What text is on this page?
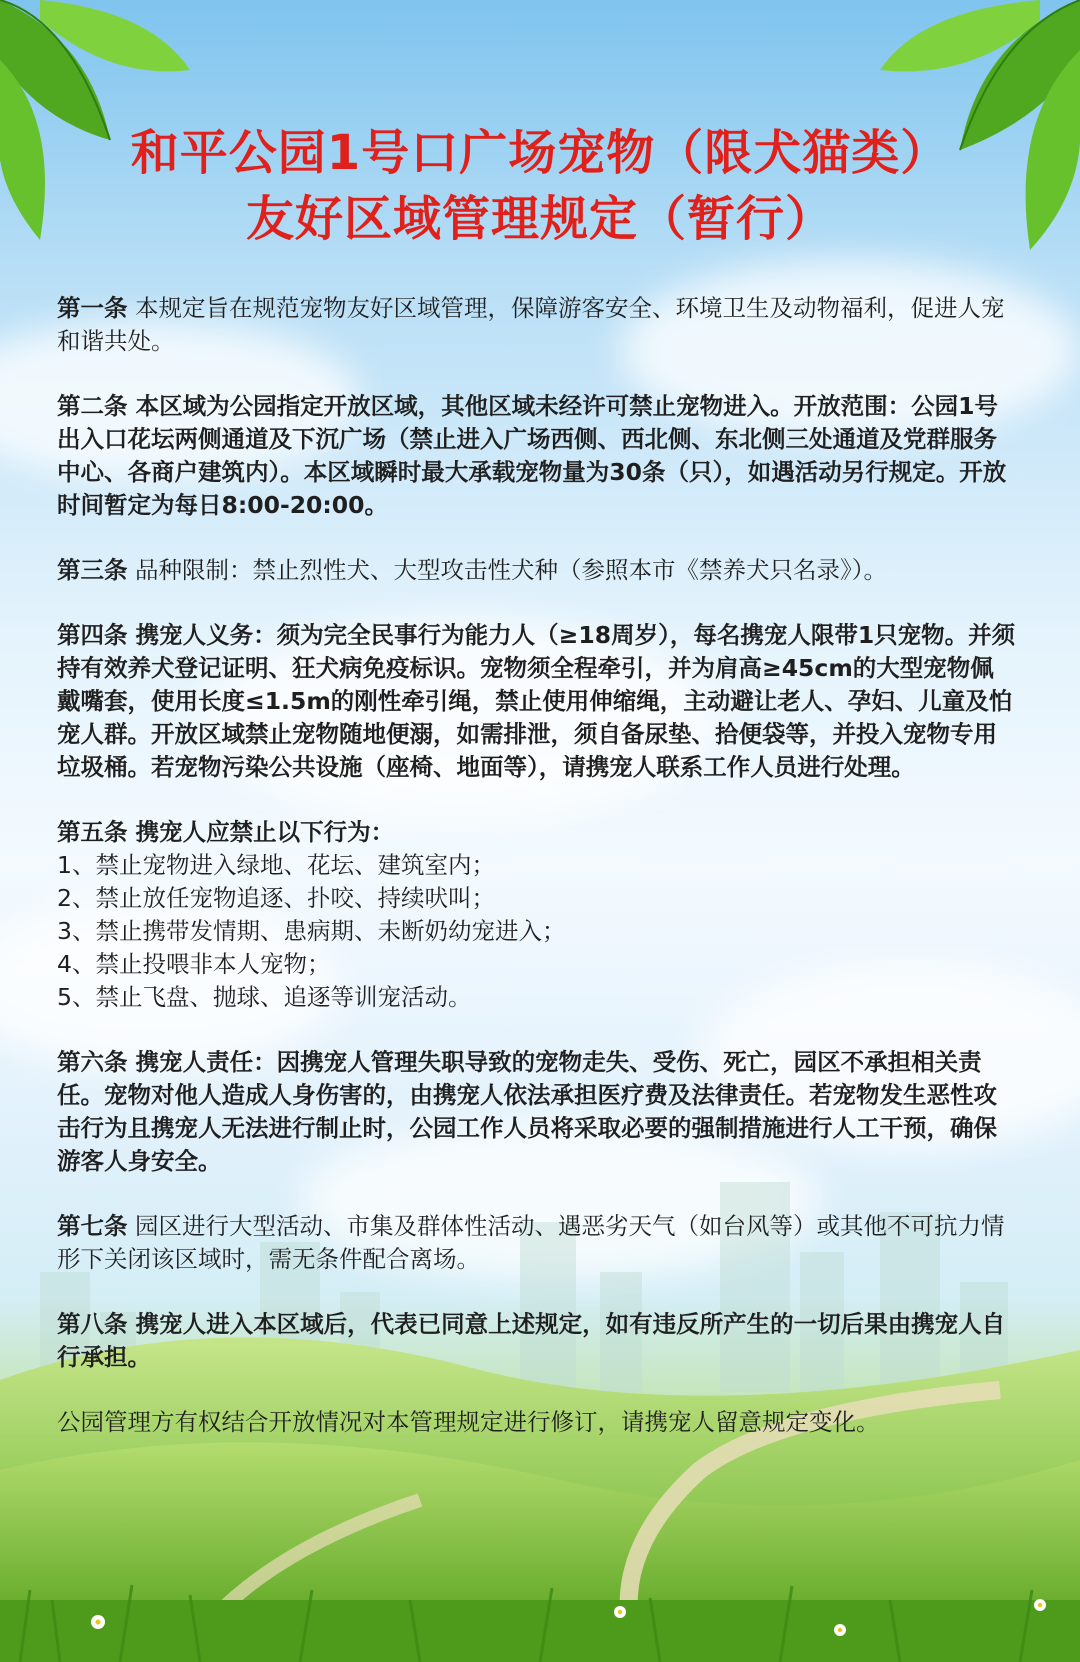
和平公园1号口广场宠物（限犬猫类）
友好区域管理规定（暂行）

第一条 本规定旨在规范宠物友好区域管理，保障游客安全、环境卫生及动物福利，促进人宠和谐共处。

第二条 本区域为公园指定开放区域，其他区域未经许可禁止宠物进入。开放范围：公园1号出入口花坛两侧通道及下沉广场（禁止进入广场西侧、西北侧、东北侧三处通道及党群服务中心、各商户建筑内）。本区域瞬时最大承载宠物量为30条（只），如遇活动另行规定。开放时间暂定为每日8:00-20:00。

第三条 品种限制：禁止烈性犬、大型攻击性犬种（参照本市《禁养犬只名录》）。

第四条 携宠人义务：须为完全民事行为能力人（≥18周岁），每名携宠人限带1只宠物。并须持有效养犬登记证明、狂犬病免疫标识。宠物须全程牵引，并为肩高≥45cm的大型宠物佩戴嘴套，使用长度≤1.5m的刚性牵引绳，禁止使用伸缩绳，主动避让老人、孕妇、儿童及怕宠人群。开放区域禁止宠物随地便溺，如需排泄，须自备尿垫、拾便袋等，并投入宠物专用垃圾桶。若宠物污染公共设施（座椅、地面等），请携宠人联系工作人员进行处理。

第五条 携宠人应禁止以下行为：
1、禁止宠物进入绿地、花坛、建筑室内；
2、禁止放任宠物追逐、扑咬、持续吠叫；
3、禁止携带发情期、患病期、未断奶幼宠进入；
4、禁止投喂非本人宠物；
5、禁止飞盘、抛球、追逐等训宠活动。

第六条 携宠人责任：因携宠人管理失职导致的宠物走失、受伤、死亡，园区不承担相关责任。宠物对他人造成人身伤害的，由携宠人依法承担医疗费及法律责任。若宠物发生恶性攻击行为且携宠人无法进行制止时，公园工作人员将采取必要的强制措施进行人工干预，确保游客人身安全。

第七条 园区进行大型活动、市集及群体性活动、遇恶劣天气（如台风等）或其他不可抗力情形下关闭该区域时，需无条件配合离场。

第八条 携宠人进入本区域后，代表已同意上述规定，如有违反所产生的一切后果由携宠人自行承担。

公园管理方有权结合开放情况对本管理规定进行修订，请携宠人留意规定变化。
